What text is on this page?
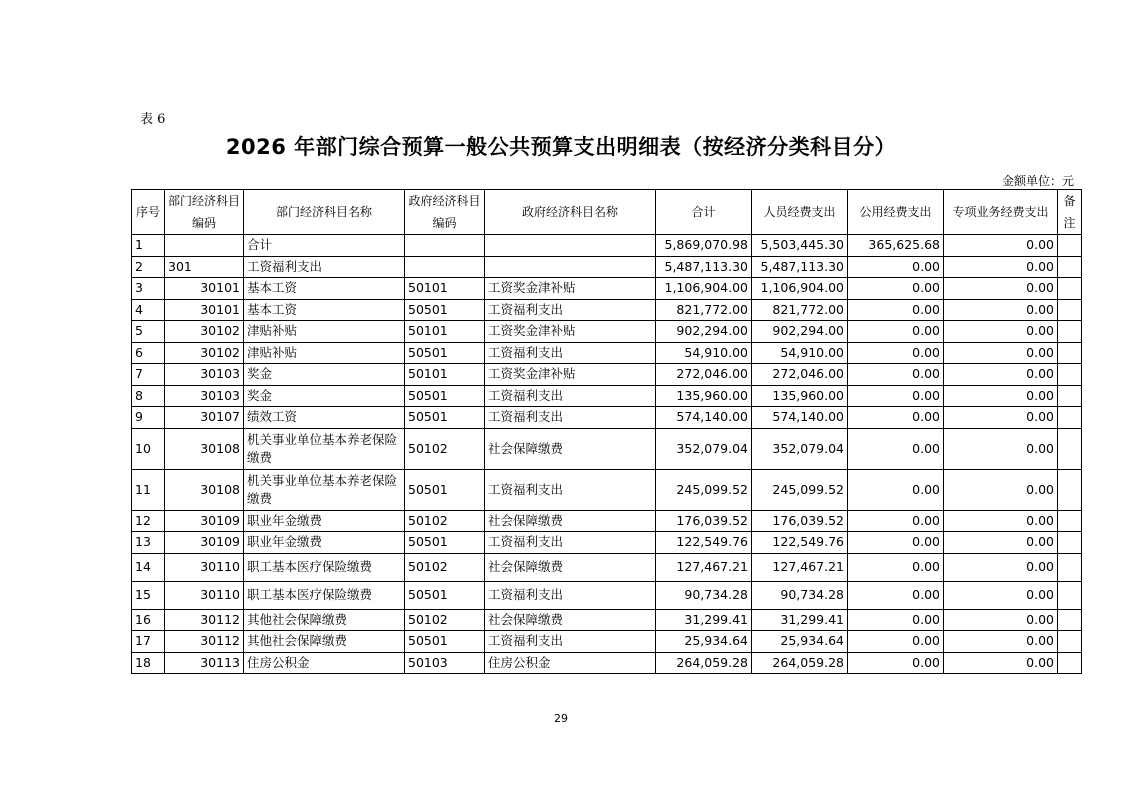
表 6
2026 年部门综合预算一般公共预算支出明细表（按经济分类科目分）
金额单位：元
序号	部门经济科目编码	部门经济科目名称	政府经济科目编码	政府经济科目名称	合计	人员经费支出	公用经费支出	专项业务经费支出	备注
1		合计			5,869,070.98	5,503,445.30	365,625.68	0.00	
2	301	工资福利支出			5,487,113.30	5,487,113.30	0.00	0.00	
3	30101	基本工资	50101	工资奖金津补贴	1,106,904.00	1,106,904.00	0.00	0.00	
4	30101	基本工资	50501	工资福利支出	821,772.00	821,772.00	0.00	0.00	
5	30102	津贴补贴	50101	工资奖金津补贴	902,294.00	902,294.00	0.00	0.00	
6	30102	津贴补贴	50501	工资福利支出	54,910.00	54,910.00	0.00	0.00	
7	30103	奖金	50101	工资奖金津补贴	272,046.00	272,046.00	0.00	0.00	
8	30103	奖金	50501	工资福利支出	135,960.00	135,960.00	0.00	0.00	
9	30107	绩效工资	50501	工资福利支出	574,140.00	574,140.00	0.00	0.00	
10	30108	机关事业单位基本养老保险缴费	50102	社会保障缴费	352,079.04	352,079.04	0.00	0.00	
11	30108	机关事业单位基本养老保险缴费	50501	工资福利支出	245,099.52	245,099.52	0.00	0.00	
12	30109	职业年金缴费	50102	社会保障缴费	176,039.52	176,039.52	0.00	0.00	
13	30109	职业年金缴费	50501	工资福利支出	122,549.76	122,549.76	0.00	0.00	
14	30110	职工基本医疗保险缴费	50102	社会保障缴费	127,467.21	127,467.21	0.00	0.00	
15	30110	职工基本医疗保险缴费	50501	工资福利支出	90,734.28	90,734.28	0.00	0.00	
16	30112	其他社会保障缴费	50102	社会保障缴费	31,299.41	31,299.41	0.00	0.00	
17	30112	其他社会保障缴费	50501	工资福利支出	25,934.64	25,934.64	0.00	0.00	
18	30113	住房公积金	50103	住房公积金	264,059.28	264,059.28	0.00	0.00	
29
